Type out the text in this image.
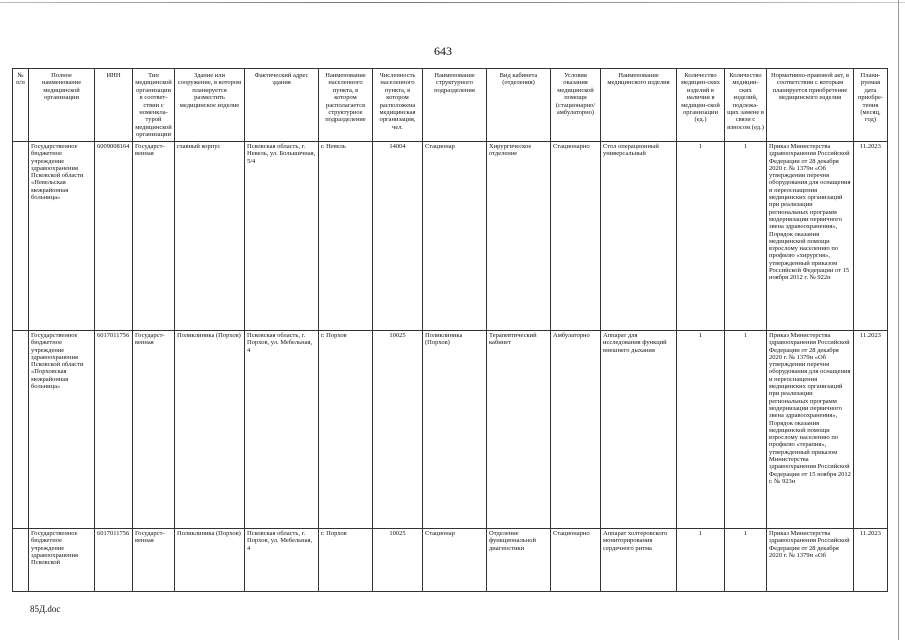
643
№ п/п	Полное наименование медицинской организации	ИНН	Тип медицинской организации в соответ-ствии с номенкла-турой медицинской организации	Здание или сооружение, в котором планируется разместить медицинское изделие	Фактический адрес здания	Наименование населенного пункта, в котором располагается структурное подразделение	Численность населенного пункта, в котором расположена медицинская организация, чел.	Наименование структурного подразделения	Вид кабинета (отделения)	Условия оказания медицинской помощи (стационарно/амбулаторно)	Наименование медицинского изделия	Количество медицин-ских изделий в наличии в медицин-ской организации (ед.)	Количество медицин-ских изделий, подлежа-щих замене в связи с износом (ед.)	Нормативно-правовой акт, в соответствии с которым планируется приобретение медицинского изделия	Плани-руемая дата приобре-тения (месяц, год)
	Государственное бюджетное учреждение здравоохранения Псковской области «Невельская межрайонная больница»	6009008164	Государст-венная	главный корпус	Псковская область, г. Невель, ул. Большичная, 5/4	г. Невель	14004	Стационар	Хирургическое отделение	Стационарно	Стол операционный универсальный	1	1	Приказ Министерства здравоохранения Российской Федерации от 28 декабря 2020 г. № 1379н «Об утверждении перечня оборудования для оснащения и переоснащения медицинских организаций при реализации региональных программ модернизации первичного звена здравоохранения», Порядок оказания медицинской помощи взрослому населению по профилю «хирургия», утвержденный приказом Российской Федерации от 15 ноября 2012 г. № 922н	11.2023
	Государственное бюджетное учреждение здравоохранения Псковской области «Порховская межрайонная больница»	6017011756	Государст-венная	Поликлиника (Порхов)	Псковская область, г. Порхов, ул. Мебельная, 4	г. Порхов	10025	Поликлиника (Порхов)	Терапевтический кабинет	Амбулаторно	Аппарат для исследования функций внешнего дыхания	1	1	Приказ Министерства здравоохранения Российской Федерации от 28 декабря 2020 г. № 1379н «Об утверждении перечня оборудования для оснащения и переоснащения медицинских организаций при реализации региональных программ модернизации первичного звена здравоохранения», Порядок оказания медицинской помощи взрослому населению по профилю «терапия», утвержденный приказом Министерства здравоохранения Российской Федерации от 15 ноября 2012 г. № 923н	11.2023
	Государственное бюджетное учреждение здравоохранения Псковской	6017011756	Государст-венная	Поликлиника (Порхов)	Псковская область, г. Порхов, ул. Мебельная, 4	г. Порхов	10025	Стационар	Отделение функциональной диагностики	Стационарно	Аппарат холтеровского мониторирования сердечного ритма	1	1	Приказ Министерства здравоохранения Российской Федерации от 28 декабря 2020 г. № 1379н «Об	11.2023
85Д.doc
